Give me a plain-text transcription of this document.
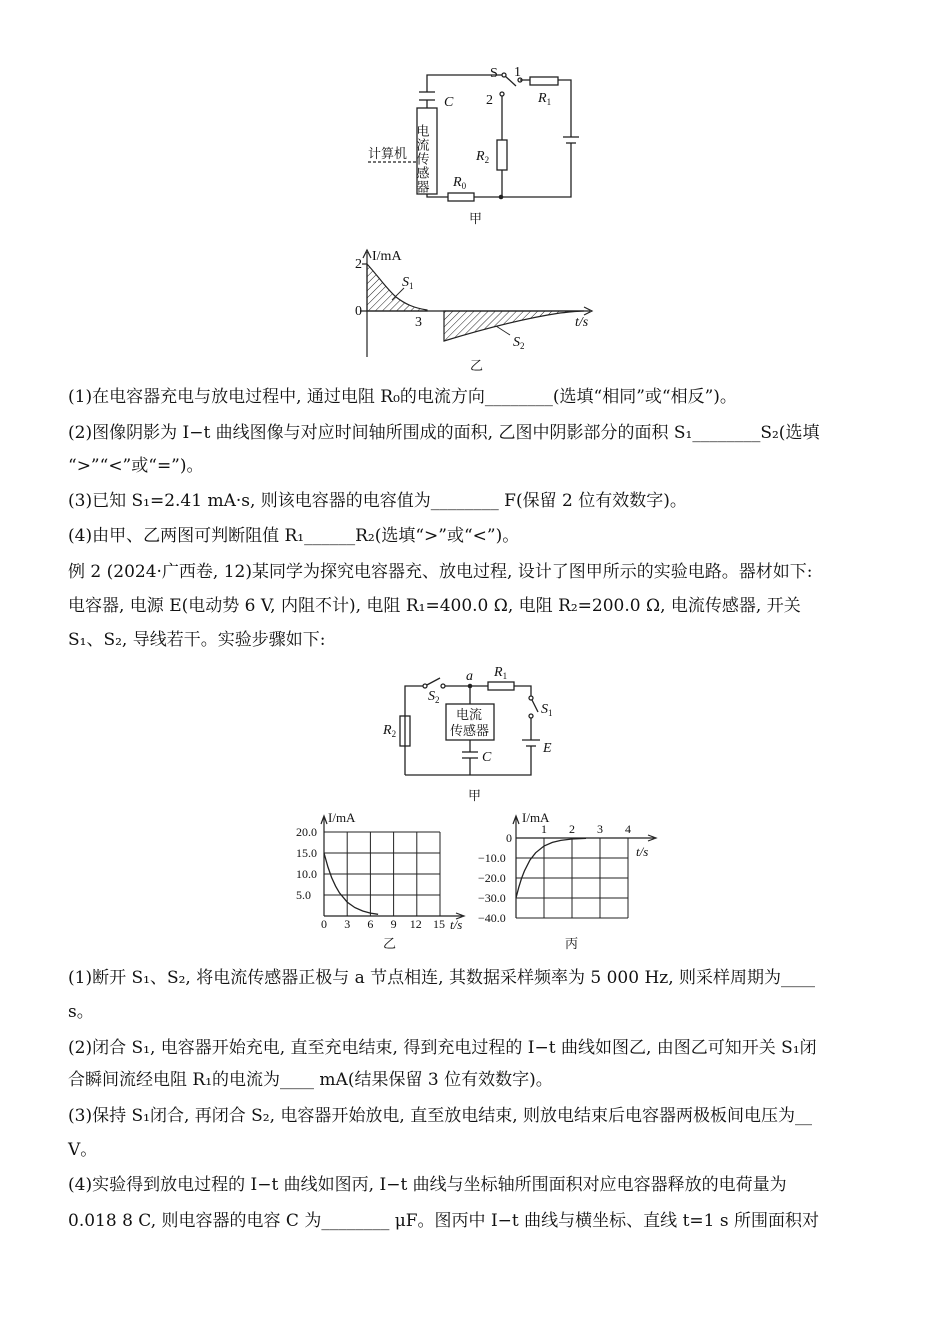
S 1
2
C	$R_1$
$R_2$
$R_0$
电流传感器
计算机
甲
I/mA
2
0
3	t/s
$S_1$
$S_2$
乙
(1)在电容器充电与放电过程中, 通过电阻 R₀的电流方向________(选填“相同”或“相反”)。
(2)图像阴影为 I−t 曲线图像与对应时间轴所围成的面积, 乙图中阴影部分的面积 S₁________S₂(选填
“>”“<”或“=”)。
(3)已知 S₁=2.41 mA·s, 则该电容器的电容值为________ F(保留 2 位有效数字)。
(4)由甲、乙两图可判断阻值 R₁______R₂(选填“>”或“<”)。
例 2 (2024·广西卷, 12)某同学为探究电容器充、放电过程, 设计了图甲所示的实验电路。器材如下:
电容器, 电源 E(电动势 6 V, 内阻不计), 电阻 R₁=400.0 Ω, 电阻 R₂=200.0 Ω, 电流传感器, 开关
S₁、S₂, 导线若干。实验步骤如下:
a $R_1$
$S_2$
$S_1$
$R_2$
E
C
电流
传感器
甲
0 3 6 9 12 15
20.0
15.0
10.0
5.0
I/mA
t/s
乙
1 2 3 4
0
−10.0
−20.0
−30.0
−40.0
I/mA
t/s
丙
(1)断开 S₁、S₂, 将电流传感器正极与 a 节点相连, 其数据采样频率为 5 000 Hz, 则采样周期为____
s。
(2)闭合 S₁, 电容器开始充电, 直至充电结束, 得到充电过程的 I−t 曲线如图乙, 由图乙可知开关 S₁闭
合瞬间流经电阻 R₁的电流为____ mA(结果保留 3 位有效数字)。
(3)保持 S₁闭合, 再闭合 S₂, 电容器开始放电, 直至放电结束, 则放电结束后电容器两极板间电压为__
V。
(4)实验得到放电过程的 I−t 曲线如图丙, I−t 曲线与坐标轴所围面积对应电容器释放的电荷量为
0.018 8 C, 则电容器的电容 C 为________ μF。图丙中 I−t 曲线与横坐标、直线 t=1 s 所围面积对
